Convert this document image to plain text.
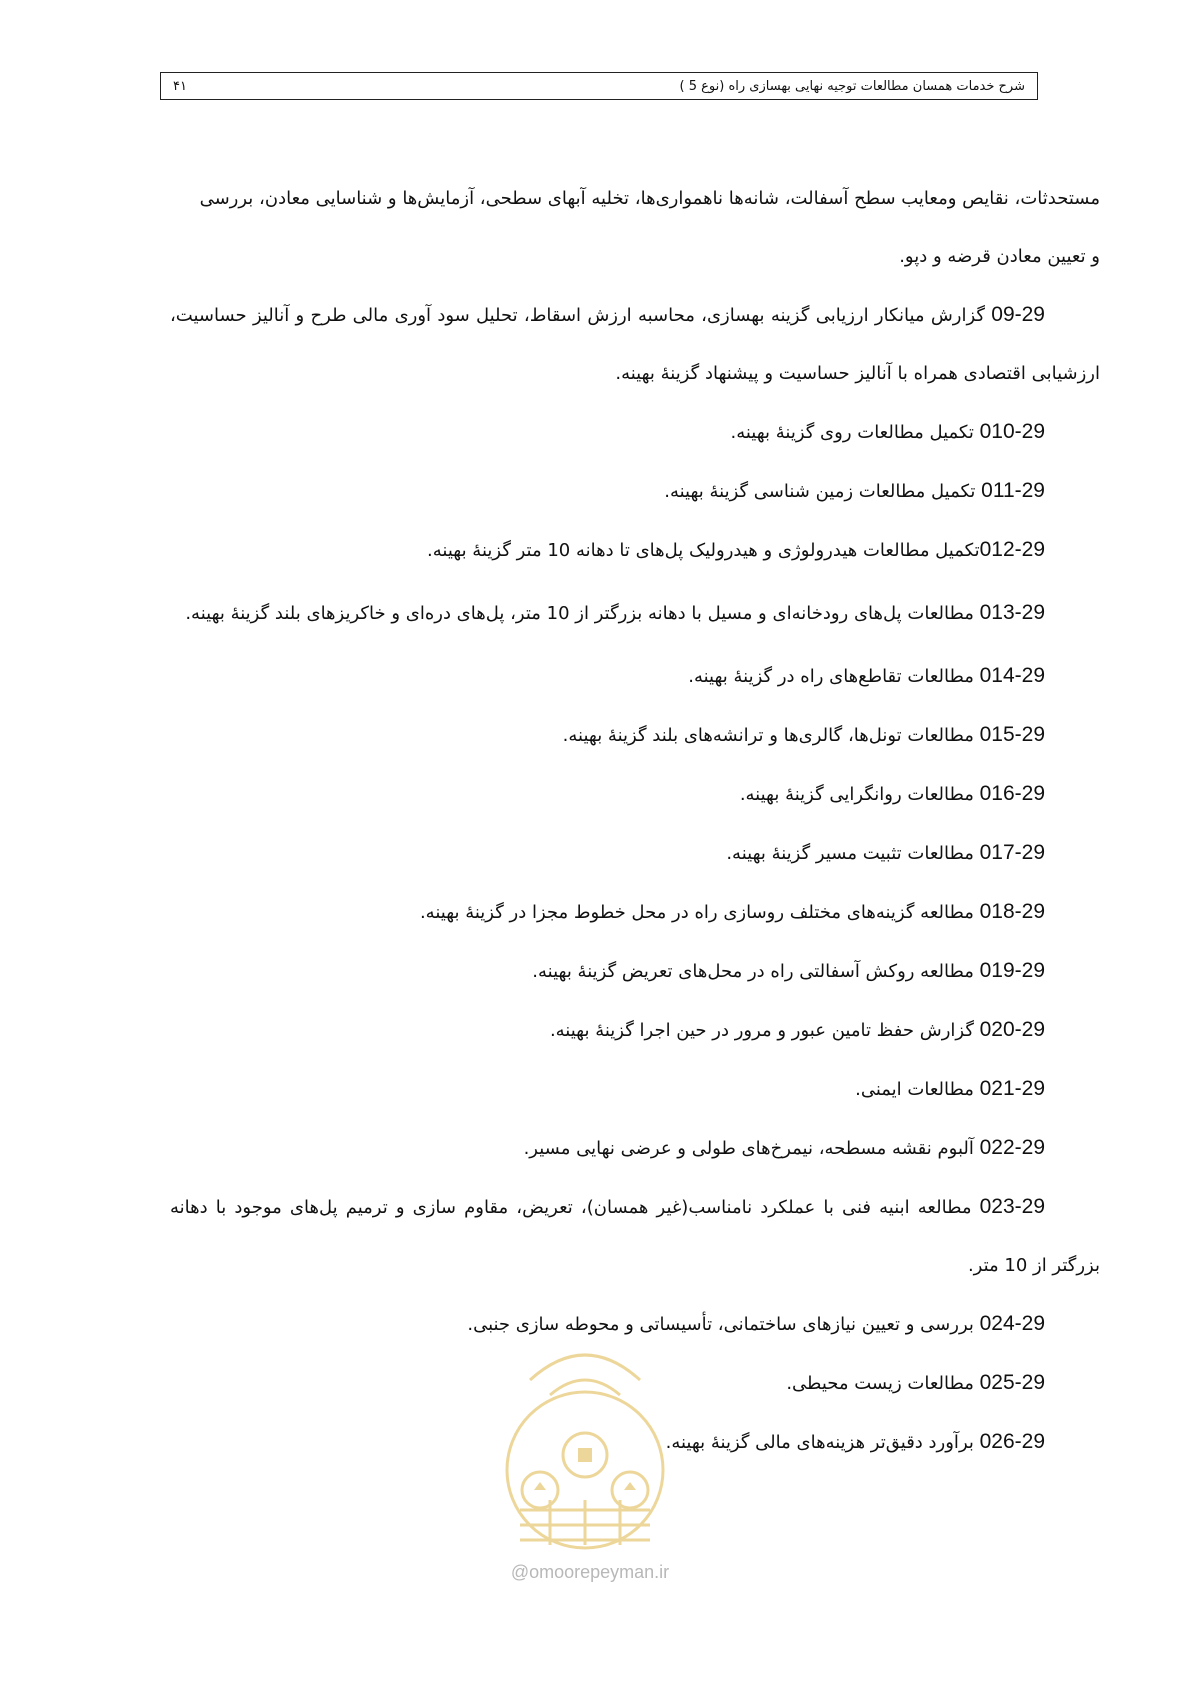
شرح خدمات همسان مطالعات توجیه نهایی بهسازی راه (نوع 5 )
۴۱

مستحدثات، نقایص ومعایب سطح آسفالت، شانه‌ها ناهمواری‌ها، تخلیه آبهای سطحی، آزمایش‌ها و شناسایی معادن، بررسی

و تعیین معادن قرضه و دپو.

09-29 گزارش میانکار ارزیابی گزینه بهسازی، محاسبه ارزش اسقاط، تحلیل سود آوری مالی طرح و آنالیز حساسیت، ارزشیابی اقتصادی همراه با آنالیز حساسیت و پیشنهاد گزینۀ بهینه.

010-29 تکمیل مطالعات روی گزینۀ بهینه.

011-29 تکمیل مطالعات زمین شناسی گزینۀ بهینه.

012-29تکمیل مطالعات هیدرولوژی و هیدرولیک پل‌های تا دهانه 10 متر گزینۀ بهینه.

013-29 مطالعات پل‌های رودخانه‌ای و مسیل با دهانه بزرگتر از 10 متر، پل‌های دره‌ای و خاکریزهای بلند گزینۀ بهینه.

014-29 مطالعات تقاطع‌های راه در گزینۀ بهینه.

015-29 مطالعات تونل‌ها، گالری‌ها و ترانشه‌های بلند گزینۀ بهینه.

016-29 مطالعات روانگرایی گزینۀ بهینه.

017-29 مطالعات تثبیت مسیر گزینۀ بهینه.

018-29 مطالعه گزینه‌های مختلف روسازی راه در محل خطوط مجزا در گزینۀ بهینه.

019-29 مطالعه روکش آسفالتی راه در محل‌های تعریض گزینۀ بهینه.

020-29 گزارش حفظ تامین عبور و مرور در حین اجرا گزینۀ بهینه.

021-29 مطالعات ایمنی.

022-29 آلبوم نقشه مسطحه، نیمرخ‌های طولی و عرضی نهایی مسیر.

023-29 مطالعه ابنیه فنی با عملکرد نامناسب(غیر همسان)، تعریض، مقاوم سازی و ترمیم پل‌های موجود با دهانه بزرگتر از 10 متر.

024-29 بررسی و تعیین نیازهای ساختمانی، تأسیساتی و محوطه سازی جنبی.

025-29 مطالعات زیست محیطی.

026-29 برآورد دقیق‌تر هزینه‌های مالی گزینۀ بهینه.

@omoorepeyman.ir
